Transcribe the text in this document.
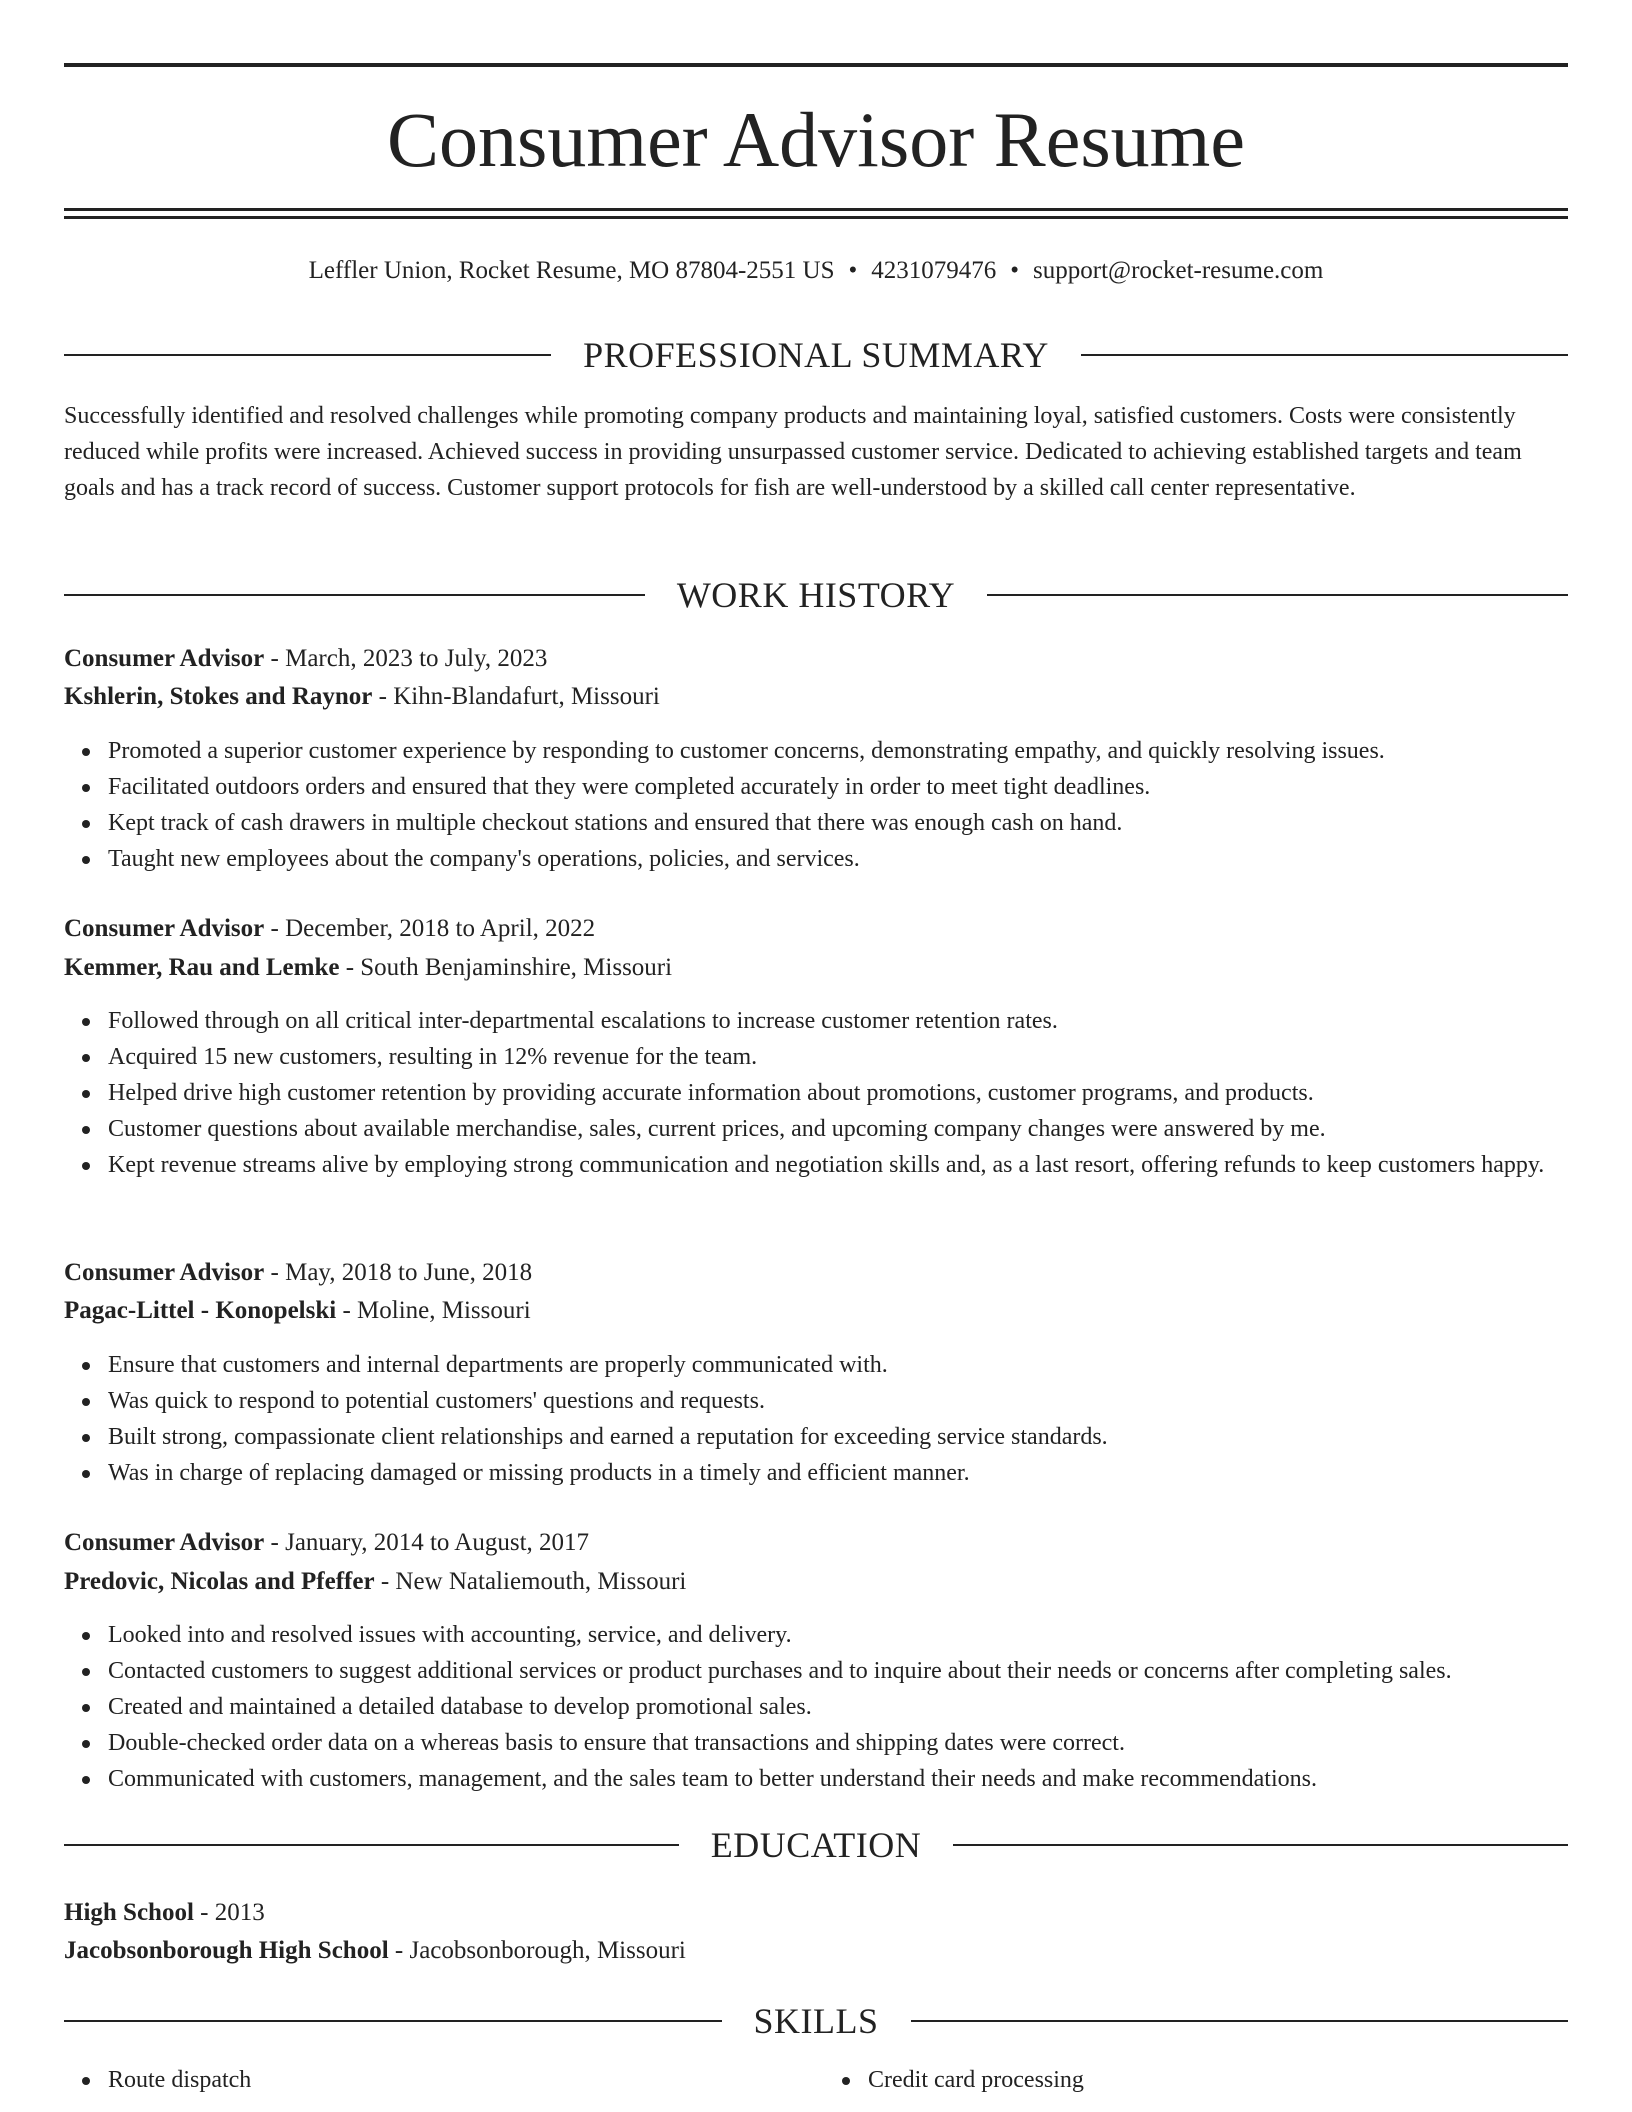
Consumer Advisor Resume
Leffler Union, Rocket Resume, MO 87804-2551 US • 4231079476 • support@rocket-resume.com
PROFESSIONAL SUMMARY
Successfully identified and resolved challenges while promoting company products and maintaining loyal, satisfied customers. Costs were consistently reduced while profits were increased. Achieved success in providing unsurpassed customer service. Dedicated to achieving established targets and team goals and has a track record of success. Customer support protocols for fish are well-understood by a skilled call center representative.
WORK HISTORY
Consumer Advisor - March, 2023 to July, 2023
Kshlerin, Stokes and Raynor - Kihn-Blandafurt, Missouri
Promoted a superior customer experience by responding to customer concerns, demonstrating empathy, and quickly resolving issues.
Facilitated outdoors orders and ensured that they were completed accurately in order to meet tight deadlines.
Kept track of cash drawers in multiple checkout stations and ensured that there was enough cash on hand.
Taught new employees about the company's operations, policies, and services.
Consumer Advisor - December, 2018 to April, 2022
Kemmer, Rau and Lemke - South Benjaminshire, Missouri
Followed through on all critical inter-departmental escalations to increase customer retention rates.
Acquired 15 new customers, resulting in 12% revenue for the team.
Helped drive high customer retention by providing accurate information about promotions, customer programs, and products.
Customer questions about available merchandise, sales, current prices, and upcoming company changes were answered by me.
Kept revenue streams alive by employing strong communication and negotiation skills and, as a last resort, offering refunds to keep customers happy.
Consumer Advisor - May, 2018 to June, 2018
Pagac-Littel - Konopelski - Moline, Missouri
Ensure that customers and internal departments are properly communicated with.
Was quick to respond to potential customers' questions and requests.
Built strong, compassionate client relationships and earned a reputation for exceeding service standards.
Was in charge of replacing damaged or missing products in a timely and efficient manner.
Consumer Advisor - January, 2014 to August, 2017
Predovic, Nicolas and Pfeffer - New Nataliemouth, Missouri
Looked into and resolved issues with accounting, service, and delivery.
Contacted customers to suggest additional services or product purchases and to inquire about their needs or concerns after completing sales.
Created and maintained a detailed database to develop promotional sales.
Double-checked order data on a whereas basis to ensure that transactions and shipping dates were correct.
Communicated with customers, management, and the sales team to better understand their needs and make recommendations.
EDUCATION
High School - 2013
Jacobsonborough High School - Jacobsonborough, Missouri
SKILLS
Route dispatch	Credit card processing
